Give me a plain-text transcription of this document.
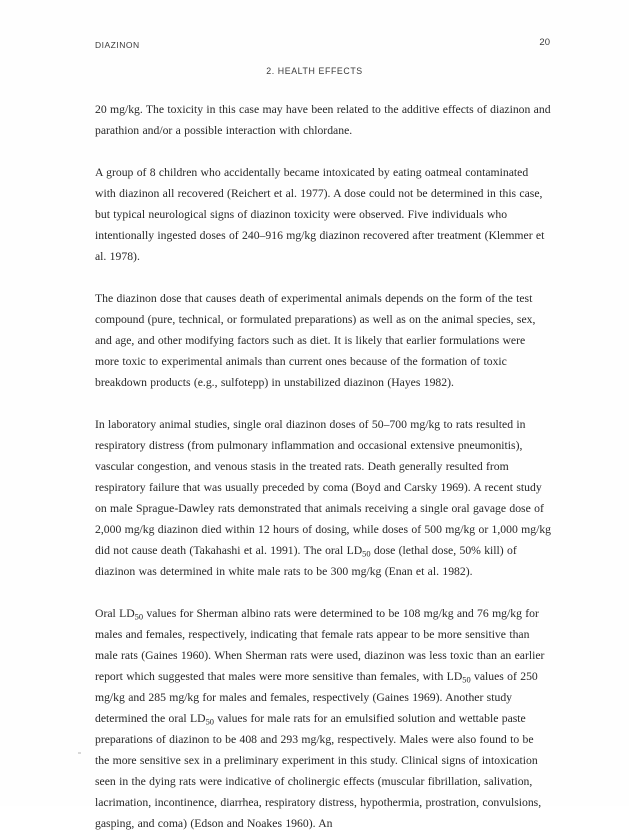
DIAZINON	20
2. HEALTH EFFECTS

20 mg/kg. The toxicity in this case may have been related to the additive effects of diazinon and parathion and/or a possible interaction with chlordane.

A group of 8 children who accidentally became intoxicated by eating oatmeal contaminated with diazinon all recovered (Reichert et al. 1977). A dose could not be determined in this case, but typical neurological signs of diazinon toxicity were observed. Five individuals who intentionally ingested doses of 240–916 mg/kg diazinon recovered after treatment (Klemmer et al. 1978).

The diazinon dose that causes death of experimental animals depends on the form of the test compound (pure, technical, or formulated preparations) as well as on the animal species, sex, and age, and other modifying factors such as diet. It is likely that earlier formulations were more toxic to experimental animals than current ones because of the formation of toxic breakdown products (e.g., sulfotepp) in unstabilized diazinon (Hayes 1982).

In laboratory animal studies, single oral diazinon doses of 50–700 mg/kg to rats resulted in respiratory distress (from pulmonary inflammation and occasional extensive pneumonitis), vascular congestion, and venous stasis in the treated rats. Death generally resulted from respiratory failure that was usually preceded by coma (Boyd and Carsky 1969). A recent study on male Sprague-Dawley rats demonstrated that animals receiving a single oral gavage dose of 2,000 mg/kg diazinon died within 12 hours of dosing, while doses of 500 mg/kg or 1,000 mg/kg did not cause death (Takahashi et al. 1991). The oral $LD_{50}$ dose (lethal dose, 50% kill) of diazinon was determined in white male rats to be 300 mg/kg (Enan et al. 1982).

Oral $LD_{50}$ values for Sherman albino rats were determined to be 108 mg/kg and 76 mg/kg for males and females, respectively, indicating that female rats appear to be more sensitive than male rats (Gaines 1960). When Sherman rats were used, diazinon was less toxic than an earlier report which suggested that males were more sensitive than females, with $LD_{50}$ values of 250 mg/kg and 285 mg/kg for males and females, respectively (Gaines 1969). Another study determined the oral $LD_{50}$ values for male rats for an emulsified solution and wettable paste preparations of diazinon to be 408 and 293 mg/kg, respectively. Males were also found to be the more sensitive sex in a preliminary experiment in this study. Clinical signs of intoxication seen in the dying rats were indicative of cholinergic effects (muscular fibrillation, salivation, lacrimation, incontinence, diarrhea, respiratory distress, hypothermia, prostration, convulsions, gasping, and coma) (Edson and Noakes 1960). An
